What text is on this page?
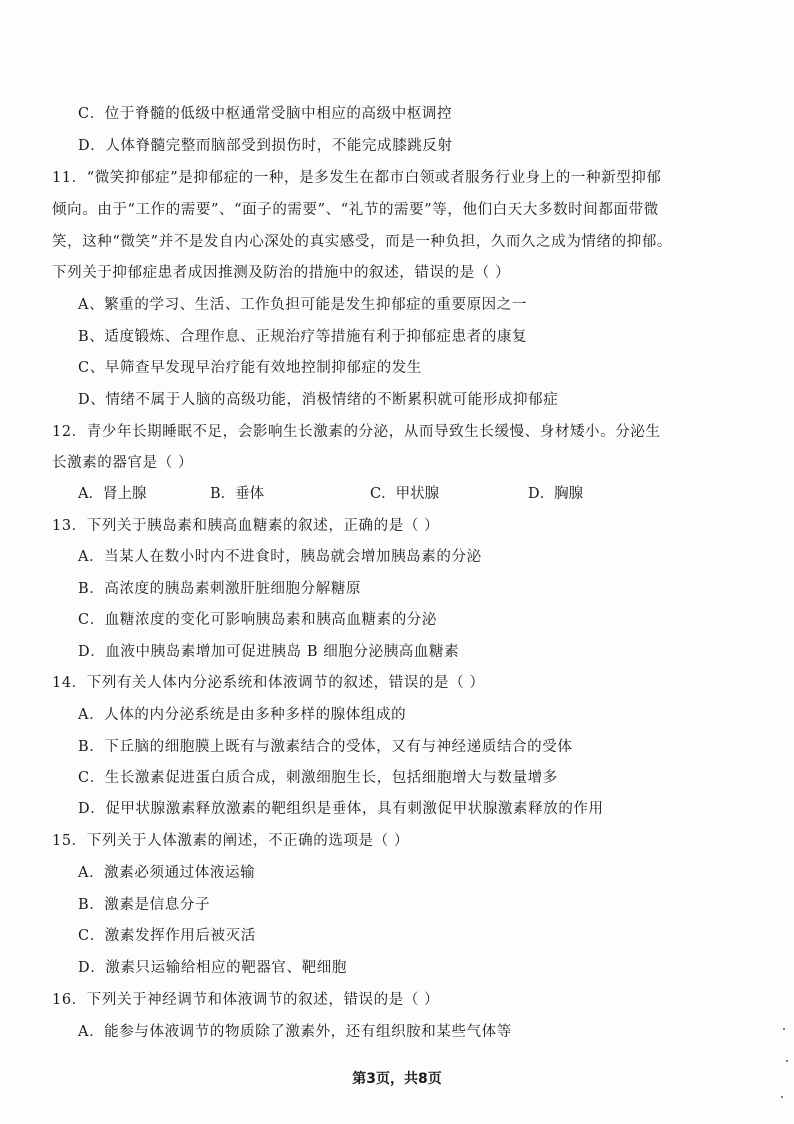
C．位于脊髓的低级中枢通常受脑中相应的高级中枢调控
D．人体脊髓完整而脑部受到损伤时，不能完成膝跳反射
11．“微笑抑郁症”是抑郁症的一种，是多发生在都市白领或者服务行业身上的一种新型抑郁
倾向。由于“工作的需要”、“面子的需要”、“礼节的需要”等，他们白天大多数时间都面带微
笑，这种“微笑”并不是发自内心深处的真实感受，而是一种负担，久而久之成为情绪的抑郁。
下列关于抑郁症患者成因推测及防治的措施中的叙述，错误的是（ ）
A、繁重的学习、生活、工作负担可能是发生抑郁症的重要原因之一
B、适度锻炼、合理作息、正规治疗等措施有利于抑郁症患者的康复
C、早筛查早发现早治疗能有效地控制抑郁症的发生
D、情绪不属于人脑的高级功能，消极情绪的不断累积就可能形成抑郁症
12．青少年长期睡眠不足，会影响生长激素的分泌，从而导致生长缓慢、身材矮小。分泌生
长激素的器官是（ ）
A．肾上腺	B．垂体	C．甲状腺	D．胸腺
13．下列关于胰岛素和胰高血糖素的叙述，正确的是（ ）
A．当某人在数小时内不进食时，胰岛就会增加胰岛素的分泌
B．高浓度的胰岛素刺激肝脏细胞分解糖原
C．血糖浓度的变化可影响胰岛素和胰高血糖素的分泌
D．血液中胰岛素增加可促进胰岛 B 细胞分泌胰高血糖素
14．下列有关人体内分泌系统和体液调节的叙述，错误的是（ ）
A．人体的内分泌系统是由多种多样的腺体组成的
B．下丘脑的细胞膜上既有与激素结合的受体，又有与神经递质结合的受体
C．生长激素促进蛋白质合成，刺激细胞生长，包括细胞增大与数量增多
D．促甲状腺激素释放激素的靶组织是垂体，具有刺激促甲状腺激素释放的作用
15．下列关于人体激素的阐述，不正确的选项是（ ）
A．激素必须通过体液运输
B．激素是信息分子
C．激素发挥作用后被灭活
D．激素只运输给相应的靶器官、靶细胞
16．下列关于神经调节和体液调节的叙述，错误的是（ ）
A．能参与体液调节的物质除了激素外，还有组织胺和某些气体等
第3页，共8页
